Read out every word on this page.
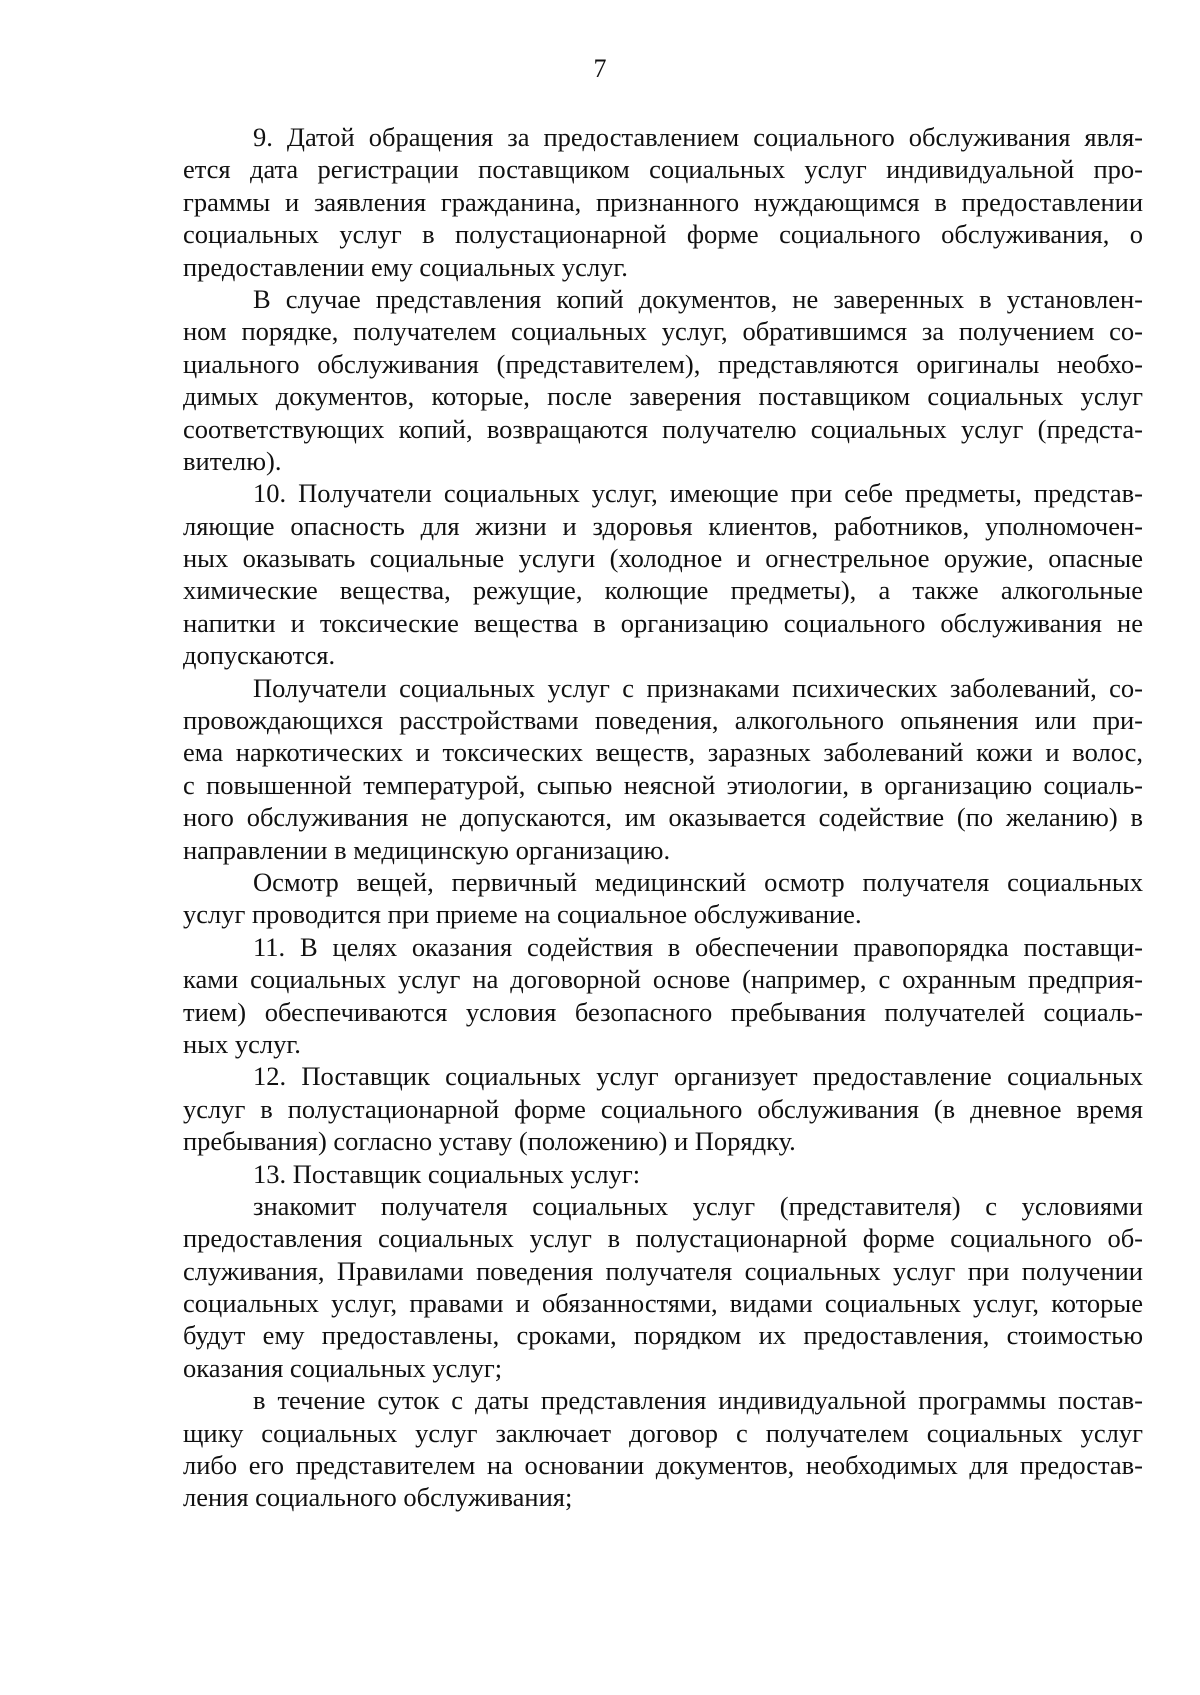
7
9. Датой обращения за предоставлением социального обслуживания явля-
ется дата регистрации поставщиком социальных услуг индивидуальной про-
граммы и заявления гражданина, признанного нуждающимся в предоставлении
социальных услуг в полустационарной форме социального обслуживания, о
предоставлении ему социальных услуг.
В случае представления копий документов, не заверенных в установлен-
ном порядке, получателем социальных услуг, обратившимся за получением со-
циального обслуживания (представителем), представляются оригиналы необхо-
димых документов, которые, после заверения поставщиком социальных услуг
соответствующих копий, возвращаются получателю социальных услуг (предста-
вителю).
10. Получатели социальных услуг, имеющие при себе предметы, представ-
ляющие опасность для жизни и здоровья клиентов, работников, уполномочен-
ных оказывать социальные услуги (холодное и огнестрельное оружие, опасные
химические вещества, режущие, колющие предметы), а также алкогольные
напитки и токсические вещества в организацию социального обслуживания не
допускаются.
Получатели социальных услуг с признаками психических заболеваний, со-
провождающихся расстройствами поведения, алкогольного опьянения или при-
ема наркотических и токсических веществ, заразных заболеваний кожи и волос,
с повышенной температурой, сыпью неясной этиологии, в организацию социаль-
ного обслуживания не допускаются, им оказывается содействие (по желанию) в
направлении в медицинскую организацию.
Осмотр вещей, первичный медицинский осмотр получателя социальных
услуг проводится при приеме на социальное обслуживание.
11. В целях оказания содействия в обеспечении правопорядка поставщи-
ками социальных услуг на договорной основе (например, с охранным предприя-
тием) обеспечиваются условия безопасного пребывания получателей социаль-
ных услуг.
12. Поставщик социальных услуг организует предоставление социальных
услуг в полустационарной форме социального обслуживания (в дневное время
пребывания) согласно уставу (положению) и Порядку.
13. Поставщик социальных услуг:
знакомит получателя социальных услуг (представителя) с условиями
предоставления социальных услуг в полустационарной форме социального об-
служивания, Правилами поведения получателя социальных услуг при получении
социальных услуг, правами и обязанностями, видами социальных услуг, которые
будут ему предоставлены, сроками, порядком их предоставления, стоимостью
оказания социальных услуг;
в течение суток с даты представления индивидуальной программы постав-
щику социальных услуг заключает договор с получателем социальных услуг
либо его представителем на основании документов, необходимых для предостав-
ления социального обслуживания;
